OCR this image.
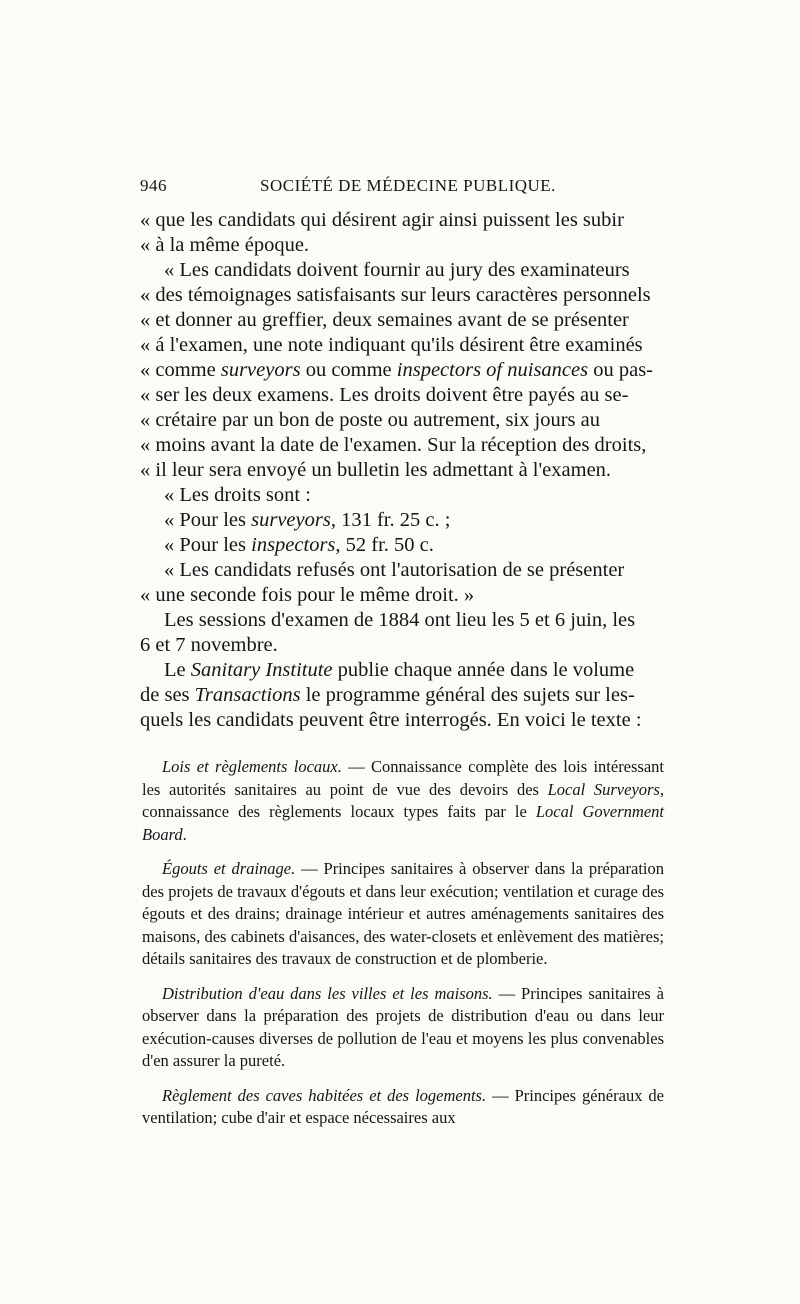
946	SOCIÉTÉ DE MÉDECINE PUBLIQUE.

« que les candidats qui désirent agir ainsi puissent les subir

« à la même époque.

« Les candidats doivent fournir au jury des examinateurs

« des témoignages satisfaisants sur leurs caractères personnels

« et donner au greffier, deux semaines avant de se présenter

« á l'examen, une note indiquant qu'ils désirent être examinés

« comme surveyors ou comme inspectors of nuisances ou pas-

« ser les deux examens. Les droits doivent être payés au se-

« crétaire par un bon de poste ou autrement, six jours au

« moins avant la date de l'examen. Sur la réception des droits,

« il leur sera envoyé un bulletin les admettant à l'examen.

« Les droits sont :

« Pour les surveyors, 131 fr. 25 c. ;

« Pour les inspectors, 52 fr. 50 c.

« Les candidats refusés ont l'autorisation de se présenter

« une seconde fois pour le même droit. »

Les sessions d'examen de 1884 ont lieu les 5 et 6 juin, les

6 et 7 novembre.

Le Sanitary Institute publie chaque année dans le volume

de ses Transactions le programme général des sujets sur les-

quels les candidats peuvent être interrogés. En voici le texte :

Lois et règlements locaux. — Connaissance complète des lois intéressant les autorités sanitaires au point de vue des devoirs des Local Surveyors, connaissance des règlements locaux types faits par le Local Government Board.

Égouts et drainage. — Principes sanitaires à observer dans la préparation des projets de travaux d'égouts et dans leur exécution; ventilation et curage des égouts et des drains; drainage intérieur et autres aménagements sanitaires des maisons, des cabinets d'aisances, des water-closets et enlèvement des matières; détails sanitaires des travaux de construction et de plomberie.

Distribution d'eau dans les villes et les maisons. — Principes sanitaires à observer dans la préparation des projets de distribution d'eau ou dans leur exécution-causes diverses de pollution de l'eau et moyens les plus convenables d'en assurer la pureté.

Règlement des caves habitées et des logements. — Principes généraux de ventilation; cube d'air et espace nécessaires aux
